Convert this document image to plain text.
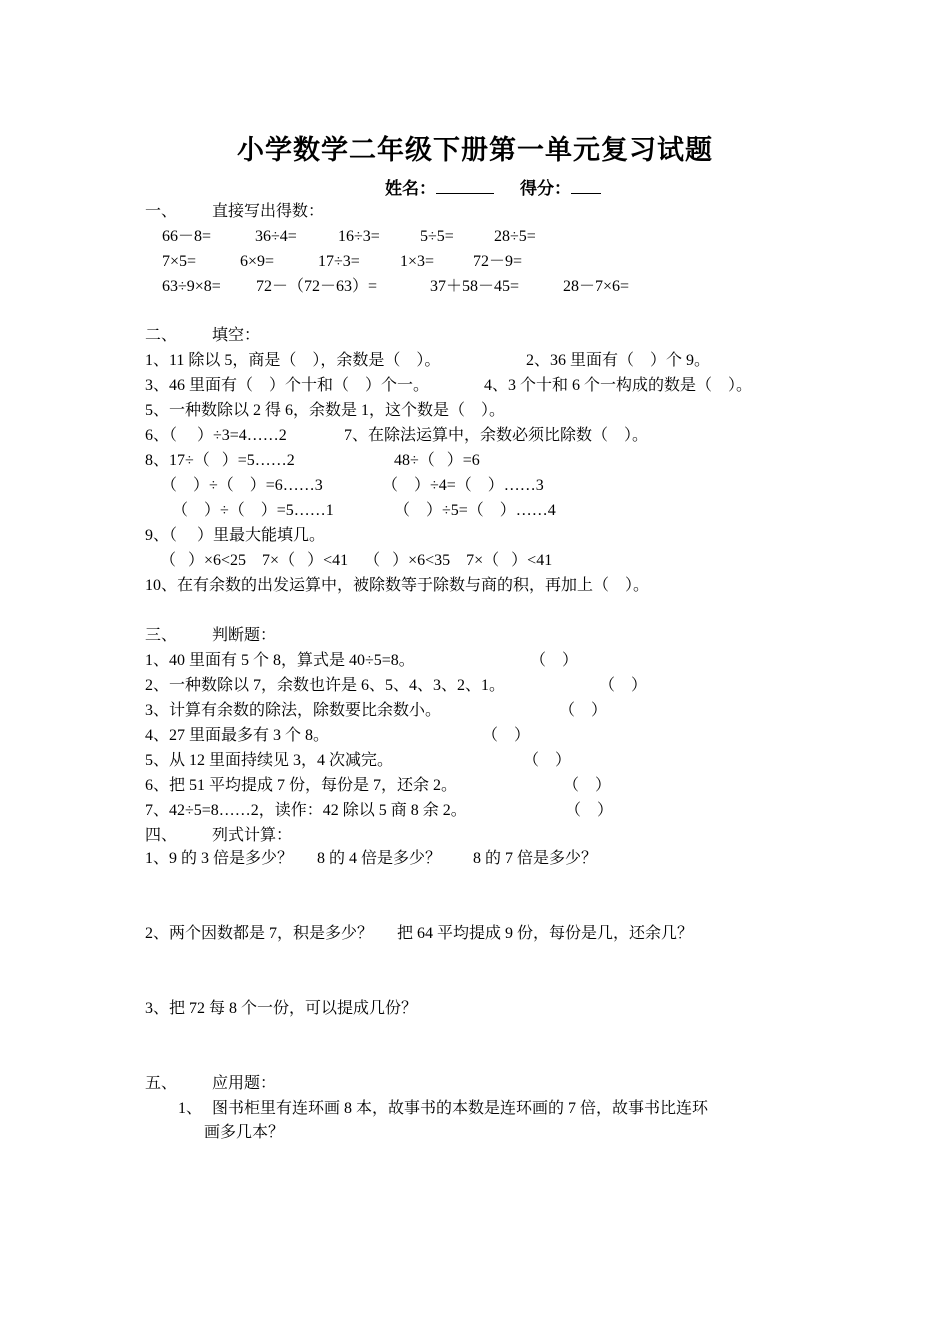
小学数学二年级下册第一单元复习试题
姓名：	得分：
一、 直接写出得数：
66－8=	36÷4=	16÷3=	5÷5=	28÷5=
7×5=	6×9=	17÷3=	1×3= 72－9=
63÷9×8= 72－（72－63）=	37＋58－45=	28－7×6=
二、 填空：
1、11 除以 5，商是（    ），余数是（    ）。	2、36 里面有（    ）个 9。
3、46 里面有（    ）个十和（    ）个一。	4、3 个十和 6 个一构成的数是（    ）。
5、一种数除以 2 得 6，余数是 1，这个数是（    ）。
6、（     ）÷3=4……2	7、在除法运算中，余数必须比除数（    ）。
8、17÷（   ）=5……2	48÷（   ）=6
（    ）÷（    ）=6……3	（    ）÷4=（    ）……3
（    ）÷（    ）=5……1	（    ）÷5=（    ）……4
9、（     ）里最大能填几。
（   ）×6<25    7×（   ）<41    （   ）×6<35    7×（   ）<41
10、在有余数的出发运算中，被除数等于除数与商的积，再加上（    ）。
三、 判断题：
1、40 里面有 5 个 8，算式是 40÷5=8。	（    ）
2、一种数除以 7，余数也许是 6、5、4、3、2、1。	（    ）
3、计算有余数的除法，除数要比余数小。	（    ）
4、27 里面最多有 3 个 8。	（    ）
5、从 12 里面持续见 3，4 次减完。	（    ）
6、把 51 平均提成 7 份，每份是 7，还余 2。	（    ）
7、42÷5=8……2，读作：42 除以 5 商 8 余 2。	（    ）
四、 列式计算：
1、9 的 3 倍是多少？      8 的 4 倍是多少？        8 的 7 倍是多少？
2、两个因数都是 7，积是多少？      把 64 平均提成 9 份，每份是几，还余几？
3、把 72 每 8 个一份，可以提成几份？
五、 应用题：
1、 图书柜里有连环画 8 本，故事书的本数是连环画的 7 倍，故事书比连环
画多几本？
